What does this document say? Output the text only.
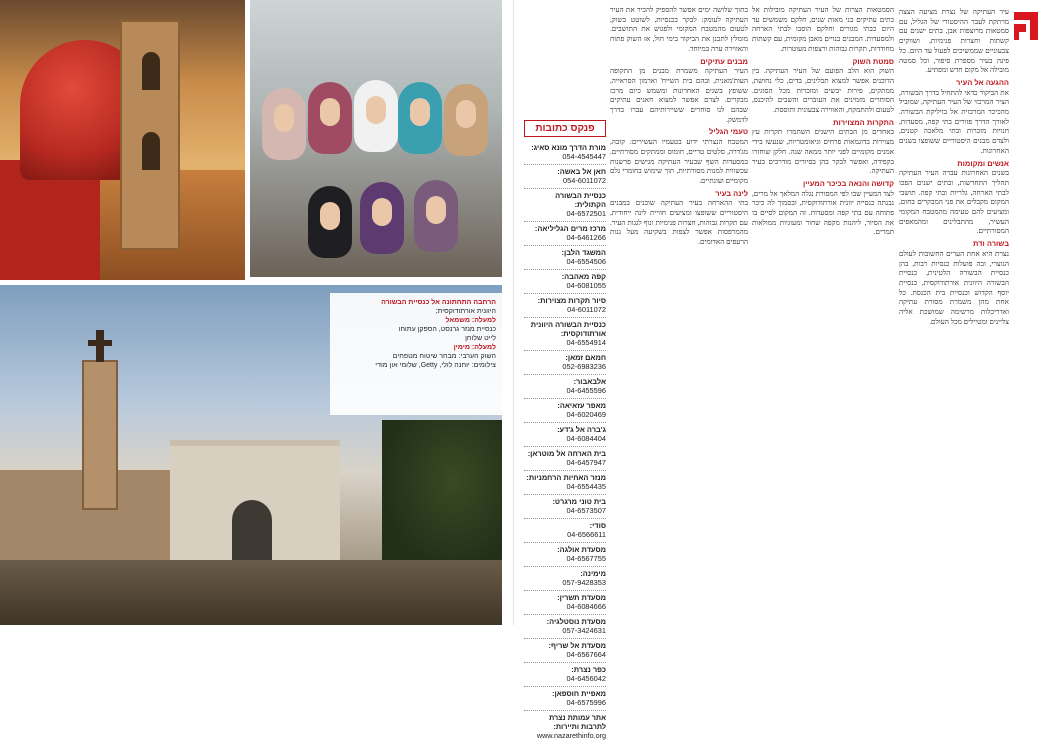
הרחבה התחתונה אל כנסיית הבשורה
היוונית אורתודוקסית;
למעלה: משמאל
כנסיית מנזר גרנסט, הספקן עתוחו
לייט שלוחן
למעלה: מימין
השוק הערבי: מבחר שיטוח מטפחים
צילומים: יוחנה לולי, Getty, שלומי און מודי

עיר העתיקה של נצרת מציעה הצצה מרתקת לעבר ההיסטורי של הגליל, עם סמטאות מרוצפות אבן, בתים ישנים עם קשתות וחצרות פנימיות, ושווקים צבעוניים שממשיכים לפעול עד היום. כל פינה בעיר מספרת סיפור, וכל סמטה מובילה אל מקום חדש ומפתיע.

ההגעה אל העיר

את הביקור כדאי להתחיל בדרך הבשורה, הציר המרכזי של העיר העתיקה, שמוביל מהכיכר המרכזית אל בזיליקת הבשורה. לאורך הדרך פזורים בתי קפה, מסעדות, חנויות מזכרות ובתי מלאכה קטנים, ולצדם מבנים היסטוריים ששופצו בשנים האחרונות.

אנשים ומקומות

בשנים האחרונות עברה העיר העתיקה תהליך התחדשות, ובתים ישנים הפכו לבתי הארחה, גלריות ובתי קפה. תושבי המקום מקבלים את פני המבקרים בחום, ומציעים להם טעימה מהמטבח המקומי העשיר, מהתבלינים ומהמאפים המסורתיים.

בשורה ודת

נצרת היא אחת הערים החשובות לעולם הנוצרי, ובה פועלות כנסיות רבות, בהן כנסיית הבשורה הלטינית, כנסיית הבשורה היוונית אורתודוקסית, כנסיית יוסף הקדוש וכנסיית בית הכנסת. כל אחת מהן משמרת מסורת עתיקה ואדריכלות מרשימה שמושכת אליה צליינים ומטיילים מכל העולם.

הסמטאות הצרות של העיר העתיקה מובילות אל בתים עתיקים בני מאות שנים, חלקם משמשים עד היום כבתי מגורים וחלקם הוסבו לבתי הארחה ולמסעדות. המבנים בנויים מאבן מקומית, עם קשתות מחודדות, תקרות גבוהות ורצפות מעוטרות.

סמטת השוק

השוק הוא הלב הפועם של העיר העתיקה. בין הדוכנים אפשר למצוא תבלינים, בדים, כלי נחושת, ממתקים, פירות יבשים ומזכרות מכל הסוגים. הסוחרים מזמינים את העוברים והשבים להיכנס, לטעום ולהתמקח, והאווירה צבעונית ותוססת.

התקרות המצוירות

באחדים מן הבתים הישנים השתמרו תקרות עץ מצוירות בדוגמאות פרחים וגיאומטריות, שנעשו בידי אמנים מקומיים לפני יותר ממאה שנה. חלקן שוחזרו בקפידה, ואפשר לבקר בהן בסיורים מודרכים בעיר העתיקה.

קדושה והנאה בכיכר המעיין

לצד המעיין שבו לפי המסורת נגלה המלאך אל מרים, נבנתה כנסייה יוונית אורתודוקסית, ובסמוך לה כיכר פתוחה עם בתי קפה ומסעדות. זה המקום לסיים בו את הסיור, ליהנות מקפה שחור ומעוגיות ממולאות תמרים.

בתוך שלושה ימים אפשר להספיק להכיר את העיר העתיקה לעומק: לבקר בכנסיות, לשוטט בשוק, לטעום מהמטבח המקומי ולפגוש את התושבים. מומלץ לתכנן את הביקור בימי חול, אז השוק פתוח והאווירה ערה במיוחד.

מבנים עתיקים

העיר העתיקה משמרת מבנים מן התקופה העות'מאנית, ובהם בית השייח' וארמון הסראייה, ששופץ בשנים האחרונות ומשמש כיום מרכז מבקרים. לצדם אפשר למצוא חאנים עתיקים שבהם לנו סוחרים ששיירותיהם עברו בדרך לדמשק.

טעמי הגליל

המטבח הנצרתי ידוע בטעמיו העשירים: קובה, מג'דרה, סלטים טריים, חומוס וממתקים מסורתיים. במסעדות השף שבעיר העתיקה מגישים פרשנות עכשווית למנות מסורתיות, תוך שימוש בחומרי גלם מקומיים ועונתיים.

לינה בעיר

בתי ההארחה בעיר העתיקה שוכנים במבנים היסטוריים ששופצו ומציעים חוויית לינה ייחודית, עם תקרות גבוהות, חצרות פנימיות ונוף לגגות העיר. מהמרפסות אפשר לצפות בשקיעה מעל גגות הרעפים האדומים.

פנקס כתובות
מורת הדרך מונא סאיג:
054-4545447
חאן אל באשה:
054-6011072
כנסיית הבשורה הקתולית:
04-6572501
מרכז מרים הגליליאה:
04-6461266
המשגד הלבן:
04-6554506
קפה מאהבה:
04-6081055
סיור תקרות מצוירות:
04-6011072
כנסיית הבשורה היוונית אורתודוקסית:
04-6554914
חמאם זמאן:
052-6983236
אלבאבור:
04-6455596
מאפר עזאיאה:
04-6020469
ג'ברה אל ג'דע:
04-6084404
בית הארחה אל מוטראן:
04-6457947
מנזר האחיות הרחמניות:
04-6554435
בית טוני מרגרט:
04-6573507
סודי:
04-6566611
מסעדת אולגה:
04-6567755
מימינה:
057-9428353
מסעדת תשרין:
04-6084666
מסעדת נוסטלגיה:
057-3424631
מסעדת אל שריף:
04-6567664
כפר נצרת:
04-6456042
מאפיית חוספאן:
04-6575996
אתר עמותת נצרת לתרבות ותיירות:
www.nazarethinfo.org
